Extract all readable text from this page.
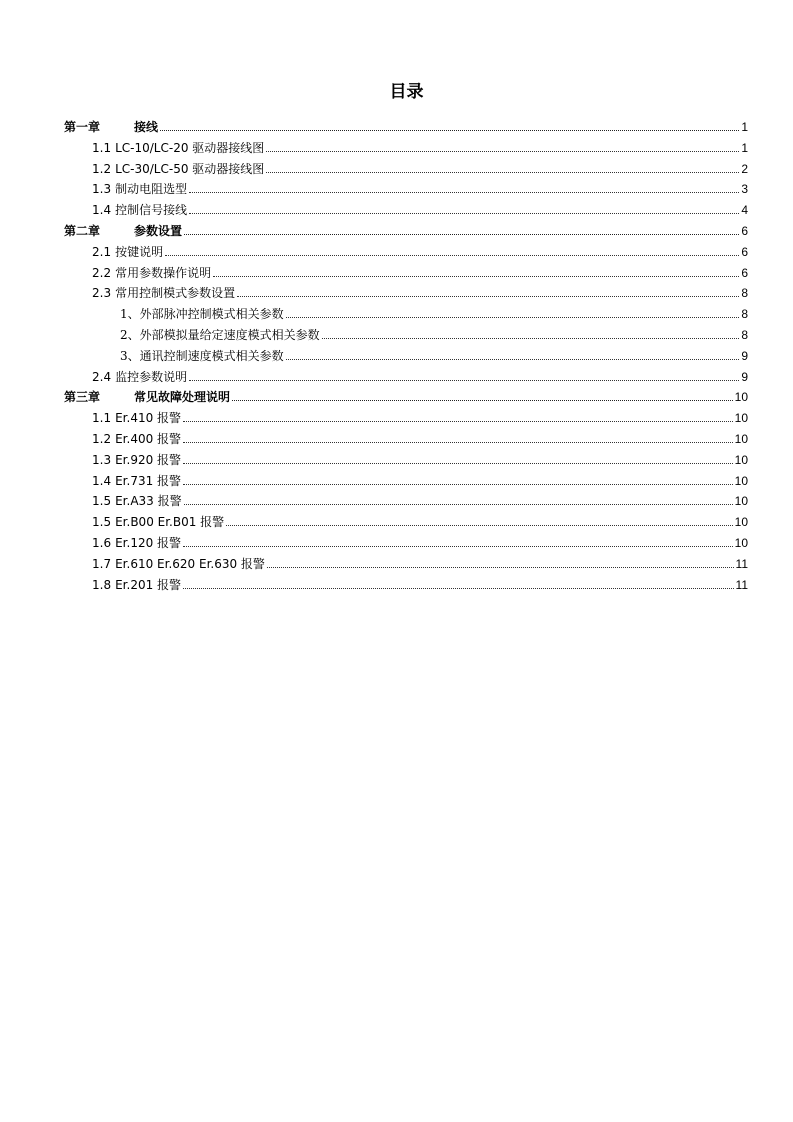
目录
第一章	接线	1
1.1 LC-10/LC-20 驱动器接线图	1
1.2 LC-30/LC-50 驱动器接线图	2
1.3 制动电阻选型	3
1.4 控制信号接线	4
第二章	参数设置	6
2.1 按键说明	6
2.2 常用参数操作说明	6
2.3 常用控制模式参数设置	8
1、外部脉冲控制模式相关参数	8
2、外部模拟量给定速度模式相关参数	8
3、通讯控制速度模式相关参数	9
2.4 监控参数说明	9
第三章	常见故障处理说明	10
1.1 Er.410 报警	10
1.2 Er.400 报警	10
1.3 Er.920 报警	10
1.4 Er.731 报警	10
1.5 Er.A33 报警	10
1.5 Er.B00 Er.B01 报警	10
1.6 Er.120 报警	10
1.7 Er.610 Er.620 Er.630 报警	11
1.8 Er.201 报警	11
